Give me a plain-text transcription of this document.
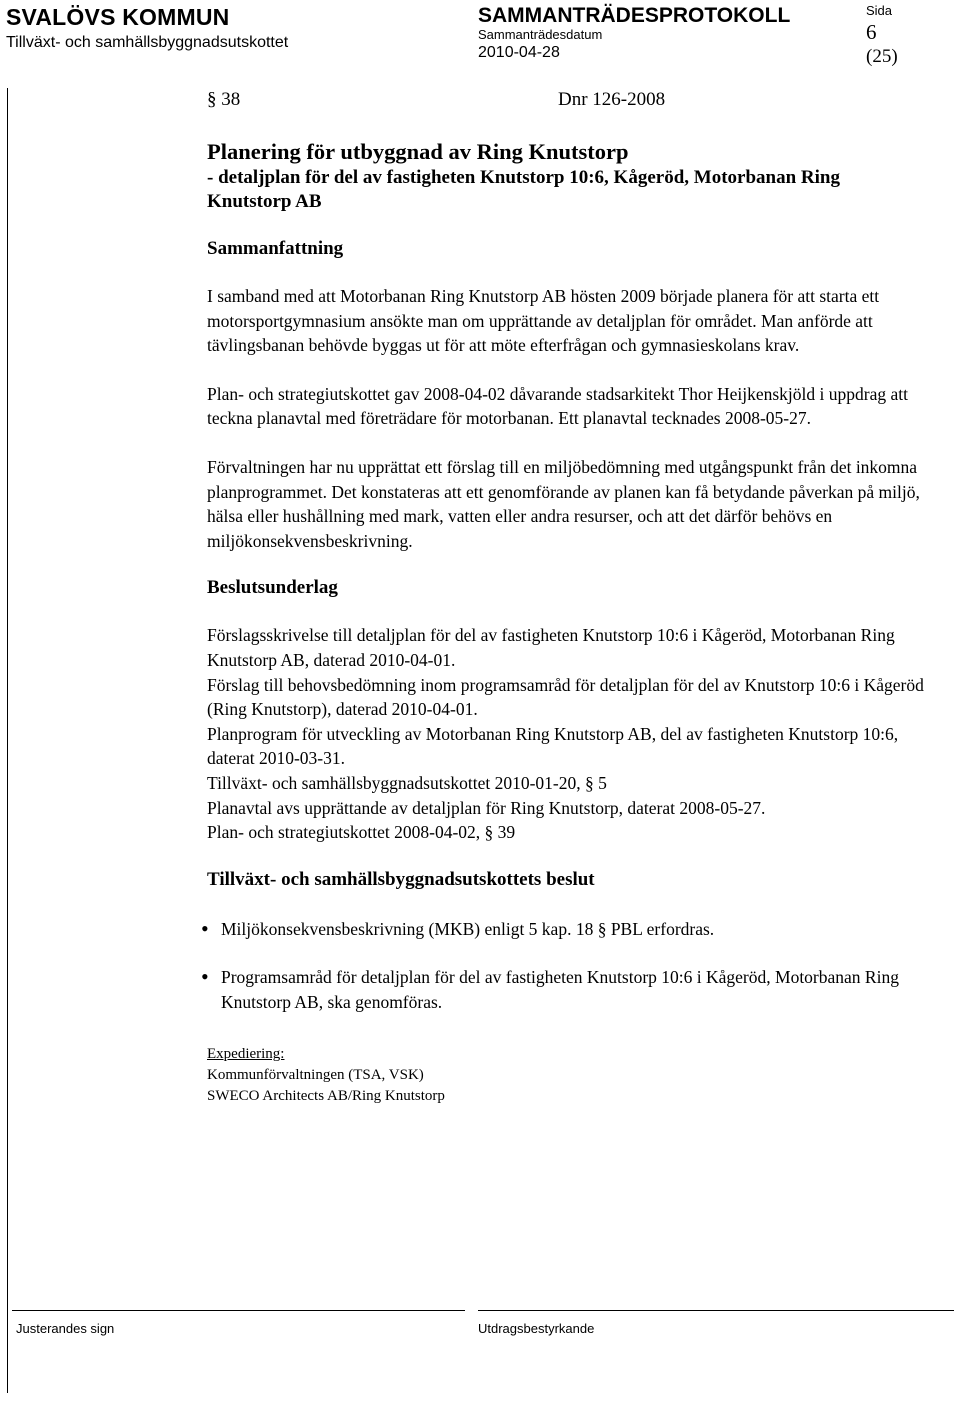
SVALÖVS KOMMUN
Tillväxt- och samhällsbyggnadsutskottet
SAMMANTRÄDESPROTOKOLL
Sammanträdesdatum
2010-04-28
Sida
6
(25)
§ 38	Dnr 126-2008
Planering för utbyggnad av Ring Knutstorp
- detaljplan för del av fastigheten Knutstorp 10:6, Kågeröd, Motorbanan Ring
Knutstorp AB
Sammanfattning

I samband med att Motorbanan Ring Knutstorp AB hösten 2009 började planera för att starta ett motorsportgymnasium ansökte man om upprättande av detaljplan för området. Man anförde att tävlingsbanan behövde byggas ut för att möte efterfrågan och gymnasieskolans krav.

Plan- och strategiutskottet gav 2008-04-02 dåvarande stadsarkitekt Thor Heijkenskjöld i uppdrag att teckna planavtal med företrädare för motorbanan. Ett planavtal tecknades 2008-05-27.

Förvaltningen har nu upprättat ett förslag till en miljöbedömning med utgångspunkt från det inkomna planprogrammet. Det konstateras att ett genomförande av planen kan få betydande påverkan på miljö, hälsa eller hushållning med mark, vatten eller andra resurser, och att det därför behövs en miljökonsekvensbeskrivning.

Beslutsunderlag
Förslagsskrivelse till detaljplan för del av fastigheten Knutstorp 10:6 i Kågeröd, Motorbanan Ring Knutstorp AB, daterad 2010-04-01.
Förslag till behovsbedömning inom programsamråd för detaljplan för del av Knutstorp 10:6 i Kågeröd (Ring Knutstorp), daterad 2010-04-01.
Planprogram för utveckling av Motorbanan Ring Knutstorp AB, del av fastigheten Knutstorp 10:6, daterat 2010-03-31.
Tillväxt- och samhällsbyggnadsutskottet 2010-01-20, § 5
Planavtal avs upprättande av detaljplan för Ring Knutstorp, daterat 2008-05-27.
Plan- och strategiutskottet 2008-04-02, § 39
Tillväxt- och samhällsbyggnadsutskottets beslut
• Miljökonsekvensbeskrivning (MKB) enligt 5 kap. 18 § PBL erfordras.
• Programsamråd för detaljplan för del av fastigheten Knutstorp 10:6 i Kågeröd, Motorbanan Ring Knutstorp AB, ska genomföras.
Expediering:
Kommunförvaltningen (TSA, VSK)
SWECO Architects AB/Ring Knutstorp
Justerandes sign	Utdragsbestyrkande
